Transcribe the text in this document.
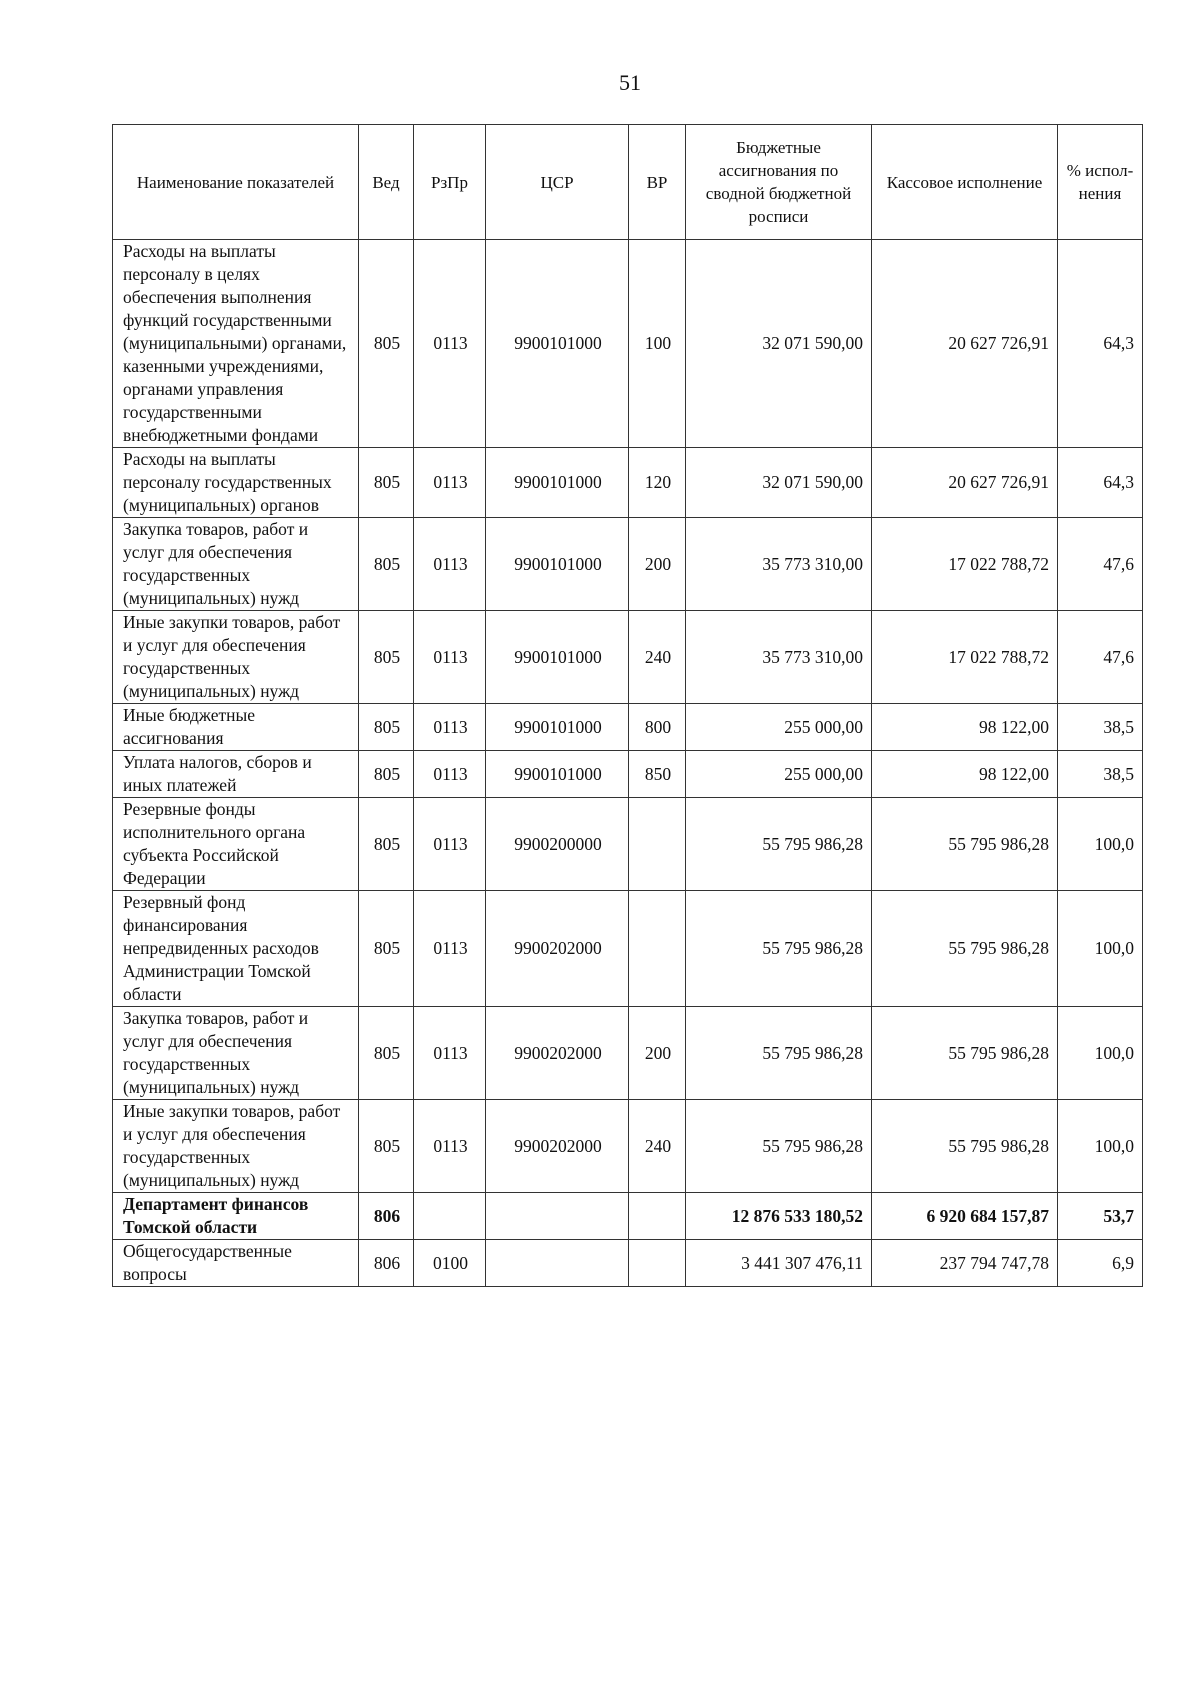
51
Наименование показателей	Вед	РзПр	ЦСР	ВР	Бюджетные ассигнования по сводной бюджетной росписи	Кассовое исполнение	% испол-нения
Расходы на выплаты персоналу в целях обеспечения выполнения функций государственными (муниципальными) органами, казенными учреждениями, органами управления государственными внебюджетными фондами	805	0113	9900101000	100	32 071 590,00	20 627 726,91	64,3
Расходы на выплаты персоналу государственных (муниципальных) органов	805	0113	9900101000	120	32 071 590,00	20 627 726,91	64,3
Закупка товаров, работ и услуг для обеспечения государственных (муниципальных) нужд	805	0113	9900101000	200	35 773 310,00	17 022 788,72	47,6
Иные закупки товаров, работ и услуг для обеспечения государственных (муниципальных) нужд	805	0113	9900101000	240	35 773 310,00	17 022 788,72	47,6
Иные бюджетные ассигнования	805	0113	9900101000	800	255 000,00	98 122,00	38,5
Уплата налогов, сборов и иных платежей	805	0113	9900101000	850	255 000,00	98 122,00	38,5
Резервные фонды исполнительного органа субъекта Российской Федерации	805	0113	9900200000		55 795 986,28	55 795 986,28	100,0
Резервный фонд финансирования непредвиденных расходов Администрации Томской области	805	0113	9900202000		55 795 986,28	55 795 986,28	100,0
Закупка товаров, работ и услуг для обеспечения государственных (муниципальных) нужд	805	0113	9900202000	200	55 795 986,28	55 795 986,28	100,0
Иные закупки товаров, работ и услуг для обеспечения государственных (муниципальных) нужд	805	0113	9900202000	240	55 795 986,28	55 795 986,28	100,0
Департамент финансов Томской области	806				12 876 533 180,52	6 920 684 157,87	53,7
Общегосударственные вопросы	806	0100			3 441 307 476,11	237 794 747,78	6,9
